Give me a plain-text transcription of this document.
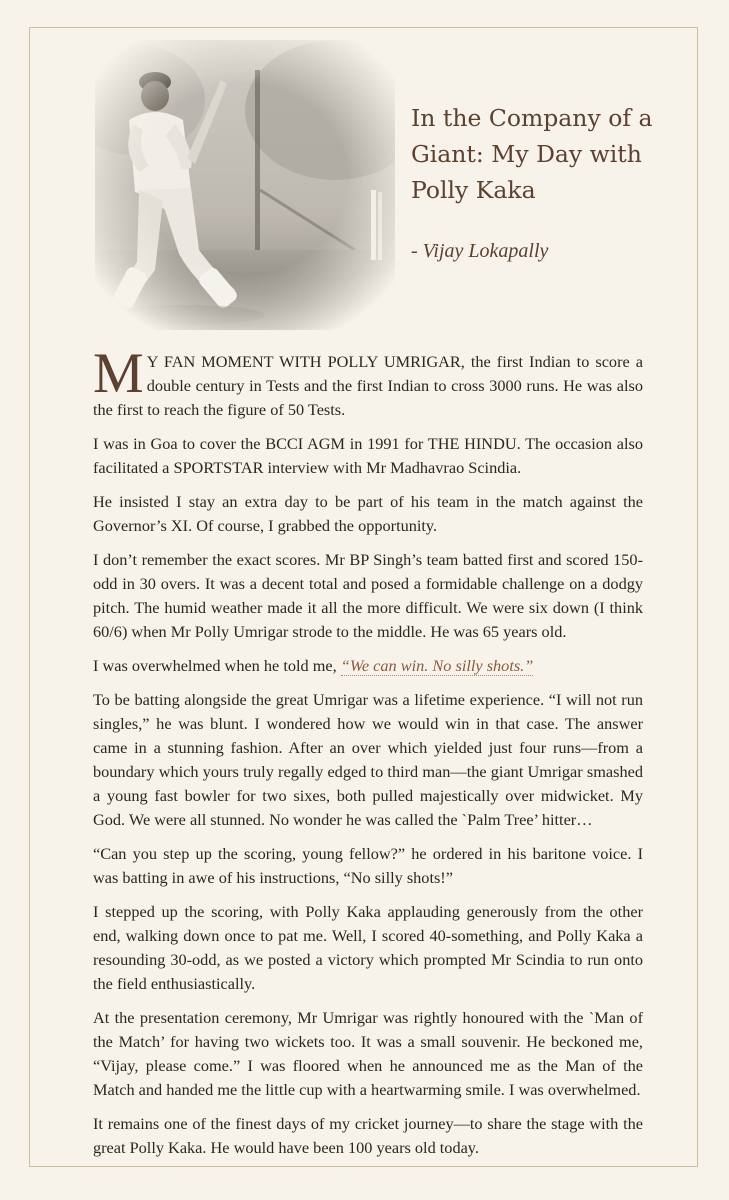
In the Company of a Giant: My Day with Polly Kaka
- Vijay Lokapally

M Y FAN MOMENT WITH POLLY UMRIGAR, the first Indian to score a double century in Tests and the first Indian to cross 3000 runs. He was also the first to reach the figure of 50 Tests.

I was in Goa to cover the BCCI AGM in 1991 for THE HINDU. The occasion also facilitated a SPORTSTAR interview with Mr Madhavrao Scindia.

He insisted I stay an extra day to be part of his team in the match against the Governor’s XI. Of course, I grabbed the opportunity.

I don’t remember the exact scores. Mr BP Singh’s team batted first and scored 150-odd in 30 overs. It was a decent total and posed a formidable challenge on a dodgy pitch. The humid weather made it all the more difficult. We were six down (I think 60/6) when Mr Polly Umrigar strode to the middle. He was 65 years old.

I was overwhelmed when he told me, “We can win. No silly shots.”

To be batting alongside the great Umrigar was a lifetime experience. “I will not run singles,” he was blunt. I wondered how we would win in that case. The answer came in a stunning fashion. After an over which yielded just four runs—from a boundary which yours truly regally edged to third man—the giant Umrigar smashed a young fast bowler for two sixes, both pulled majestically over midwicket. My God. We were all stunned. No wonder he was called the `Palm Tree’ hitter…

“Can you step up the scoring, young fellow?” he ordered in his baritone voice. I was batting in awe of his instructions, “No silly shots!”

I stepped up the scoring, with Polly Kaka applauding generously from the other end, walking down once to pat me. Well, I scored 40-something, and Polly Kaka a resounding 30-odd, as we posted a victory which prompted Mr Scindia to run onto the field enthusiastically.

At the presentation ceremony, Mr Umrigar was rightly honoured with the `Man of the Match’ for having two wickets too. It was a small souvenir. He beckoned me, “Vijay, please come.” I was floored when he announced me as the Man of the Match and handed me the little cup with a heartwarming smile. I was overwhelmed.

It remains one of the finest days of my cricket journey—to share the stage with the great Polly Kaka. He would have been 100 years old today.
